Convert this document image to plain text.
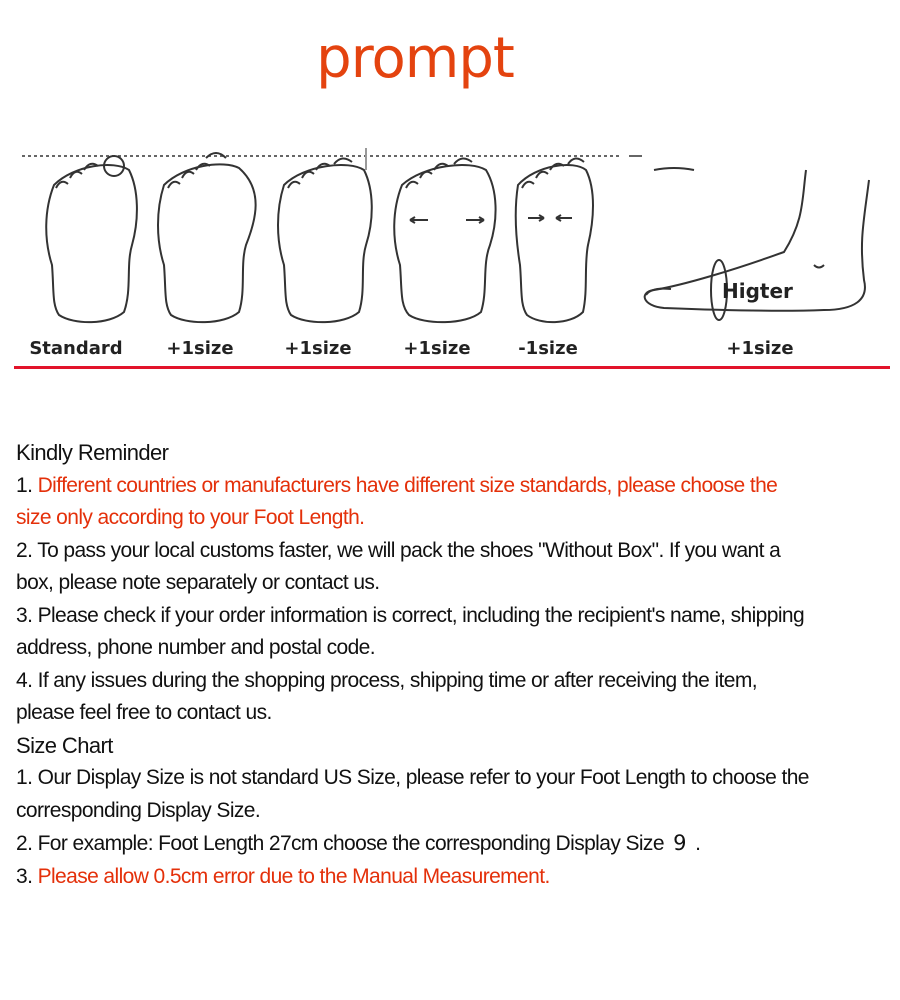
prompt
Standard +1size	+1size	+1size	-1size	+1size
Higter
Kindly Reminder
1. Different countries or manufacturers have different size standards, please choose the
size only according to your Foot Length.
2. To pass your local customs faster, we will pack the shoes "Without Box". If you want a
box, please note separately or contact us.
3. Please check if your order information is correct, including the recipient's name, shipping
address, phone number and postal code.
4. If any issues during the shopping process, shipping time or after receiving the item,
please feel free to contact us.
Size Chart
1. Our Display Size is not standard US Size, please refer to your Foot Length to choose the
corresponding Display Size.
2. For example: Foot Length 27cm choose the corresponding Display Size 9 .
3. Please allow 0.5cm error due to the Manual Measurement.
